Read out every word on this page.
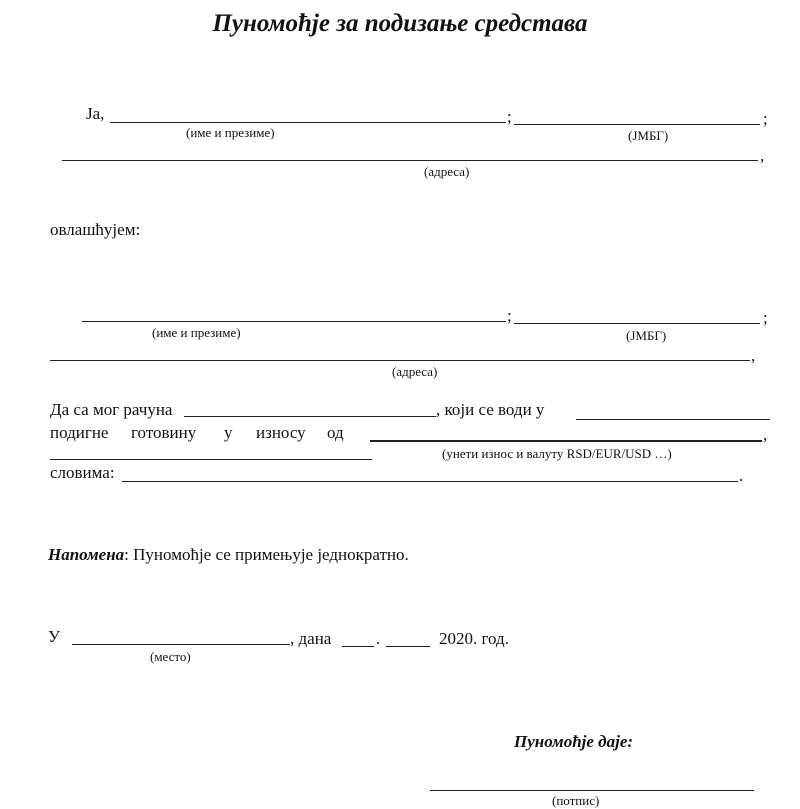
Пуномоћје за подизање средстава
Ја,	;	;
(име и презиме)	(ЈМБГ)
,
(адреса)
овлашћујем:
;	;
(име и презиме)	(ЈМБГ)
,
(адреса)
Да са мог рачуна	, који се води у
подигне готовину у износу од	,
(унети износ и валуту RSD/EUR/USD …)
словима:	.
Напомена: Пуномоћје се примењује једнократно.
У	, дана	.	2020. год.
(место)
Пуномоћје даје:
(потпис)
